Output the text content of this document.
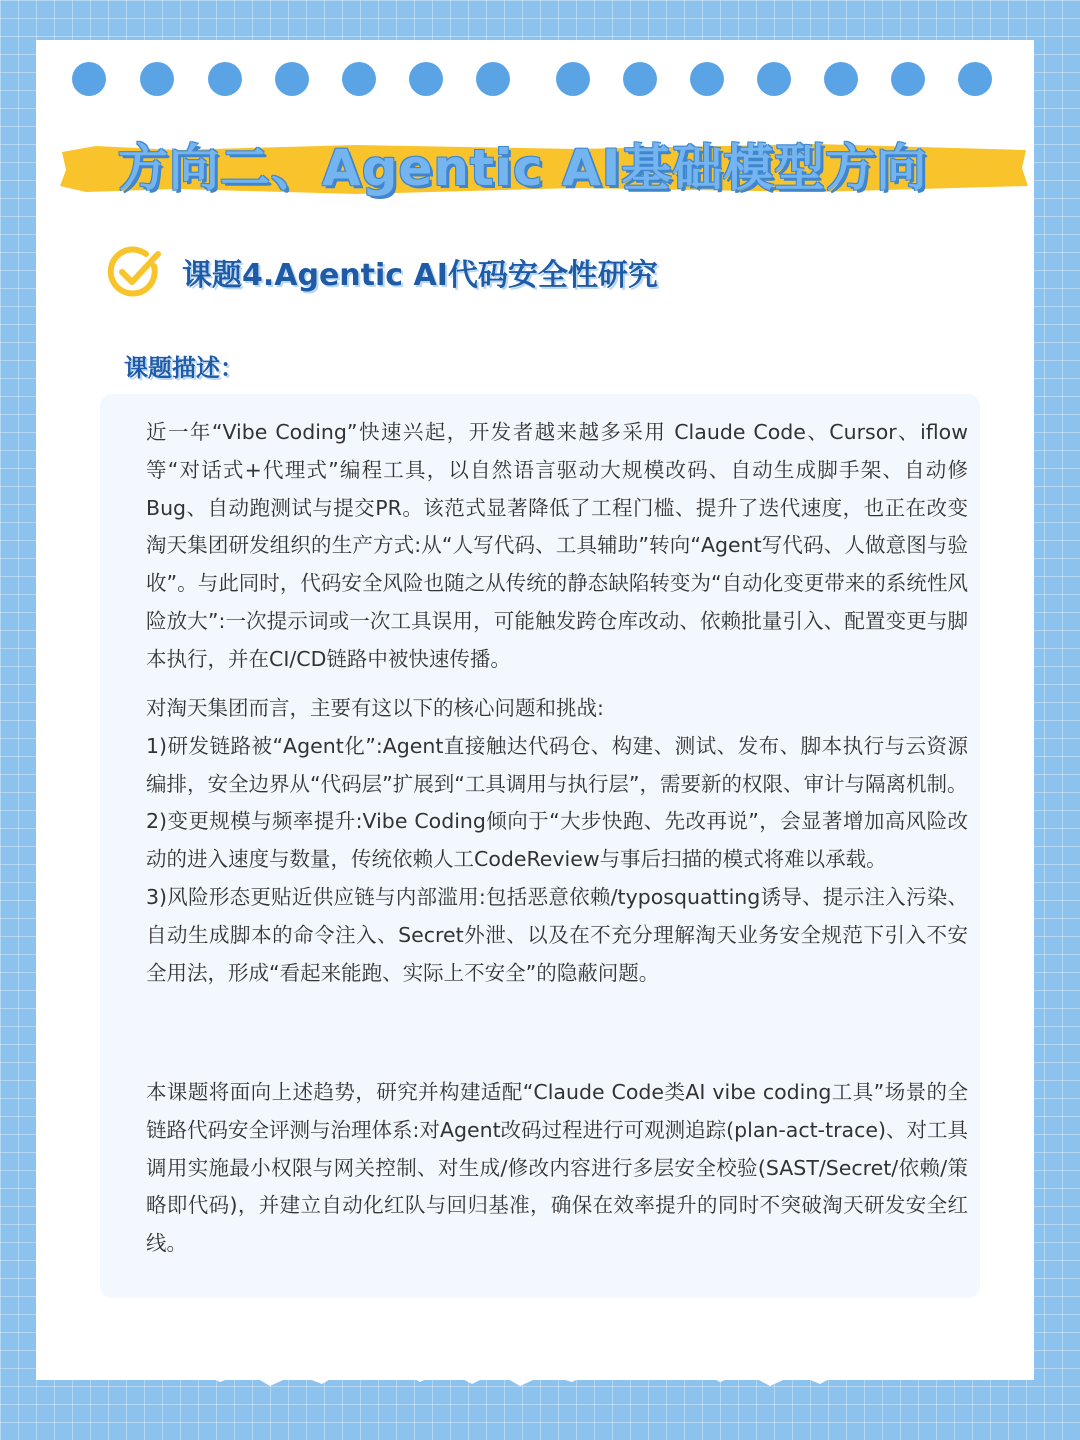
方向二、Agentic AI基础模型方向
课题4.Agentic AI代码安全性研究
课题描述：

近一年“Vibe Coding”快速兴起，开发者越来越多采用 Claude Code、Cursor、iflow 等“对话式+代理式”编程工具，以自然语言驱动大规模改码、自动生成脚手架、自动修Bug、自动跑测试与提交PR。该范式显著降低了工程门槛、提升了迭代速度，也正在改变淘天集团研发组织的生产方式:从“人写代码、工具辅助”转向“Agent写代码、人做意图与验收”。与此同时，代码安全风险也随之从传统的静态缺陷转变为“自动化变更带来的系统性风险放大”:一次提示词或一次工具误用，可能触发跨仓库改动、依赖批量引入、配置变更与脚本执行，并在CI/CD链路中被快速传播。

对淘天集团而言，主要有这以下的核心问题和挑战:
1)研发链路被“Agent化”:Agent直接触达代码仓、构建、测试、发布、脚本执行与云资源编排，安全边界从“代码层”扩展到“工具调用与执行层”，需要新的权限、审计与隔离机制。
2)变更规模与频率提升:Vibe Coding倾向于“大步快跑、先改再说”，会显著增加高风险改动的进入速度与数量，传统依赖人工CodeReview与事后扫描的模式将难以承载。
3)风险形态更贴近供应链与内部滥用:包括恶意依赖/typosquatting诱导、提示注入污染、自动生成脚本的命令注入、Secret外泄、以及在不充分理解淘天业务安全规范下引入不安全用法，形成“看起来能跑、实际上不安全”的隐蔽问题。

本课题将面向上述趋势，研究并构建适配“Claude Code类AI vibe coding工具”场景的全链路代码安全评测与治理体系:对Agent改码过程进行可观测追踪(plan-act-trace)、对工具调用实施最小权限与网关控制、对生成/修改内容进行多层安全校验(SAST/Secret/依赖/策略即代码)，并建立自动化红队与回归基准，确保在效率提升的同时不突破淘天研发安全红线。
